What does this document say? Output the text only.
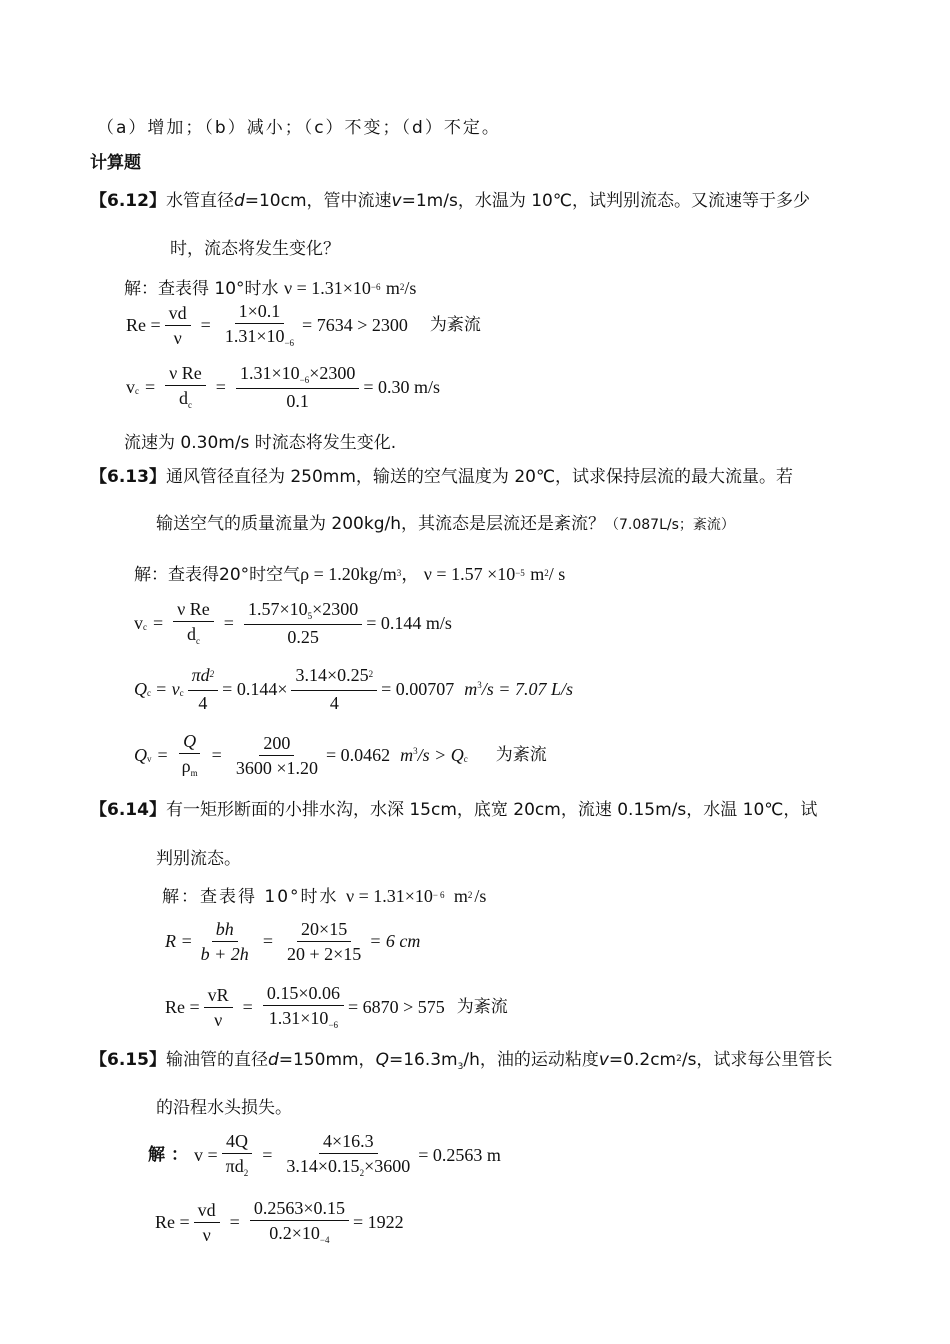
（a）增加；（b）减小；（c）不变；（d）不定。
计算题
【6.12】水管直径d=10cm，管中流速v=1m/s，水温为 10℃，试判别流态。又流速等于多少
时，流态将发生变化？
解：查表得 10°时水 $\nu = 1.31\times 10^{-6}$ $m^2/s$
$Re = \frac{vd}{\nu} = \frac{1\times 0.1}{1.31\times 10_{-6}} = 7634 > 2300$ 为紊流
v $c = \frac{\text{ν Re}}{d_c} = \frac{1.31\times 10_{-6}\times 2300}{0.1} = 0.30$ m/s
流速为 0.30m/s 时流态将发生变化.
【6.13】通风管径直径为 250mm，输送的空气温度为 20℃，试求保持层流的最大流量。若
输送空气的质量流量为 200kg/h，其流态是层流还是紊流？（7.087L/s；紊流）
解：查表得20°时空气$\rho = 1.20kg/m^3$， $\nu = 1.57 \times 10^{-5}$ $m^2/$ s
v $c = \frac{\text{ν Re}}{d_c} = \frac{1.57\times 10_5\times 2300}{0.25} = 0.144$ m/s
Q c = v c $\frac{\pi d^2}{4} = 0.144\times \frac{3.14\times 0.25^2}{4} = 0.00707$ m 3 /s = 7.07 L/s
Q $v = \frac{Q}{\rho_m} = \frac{200}{3600 \times 1.20} = 0.0462$ m 3 /s > Q c 为紊流
【6.14】有一矩形断面的小排水沟，水深 15cm，底宽 20cm，流速 0.15m/s，水温 10℃，试
判别流态。
解：查表得 10°时水 $\nu = 1.31\times 10^{-6}$ $m^2/s$
$R = \frac{bh}{b + 2h} = \frac{20\times 15}{20 + 2\times 15} = 6$ cm
$Re = \frac{vR}{\nu} = \frac{0.15\times 0.06}{1.31\times 10_{-6}} = 6870 > 575$ 为紊流
【6.15】输油管的直径d=150mm，$Q=16.3m_3/h$，油的运动粘度$v=0.2cm^2/s$，试求每公里管长
的沿程水头损失。
解： $v = \frac{4Q}{\pi d_2} = \frac{4\times 16.3}{3.14\times 0.15_2\times 3600} = 0.2563$ m
$Re = \frac{vd}{\nu} = \frac{0.2563\times 0.15}{0.2\times 10_{-4}} = 1922$
